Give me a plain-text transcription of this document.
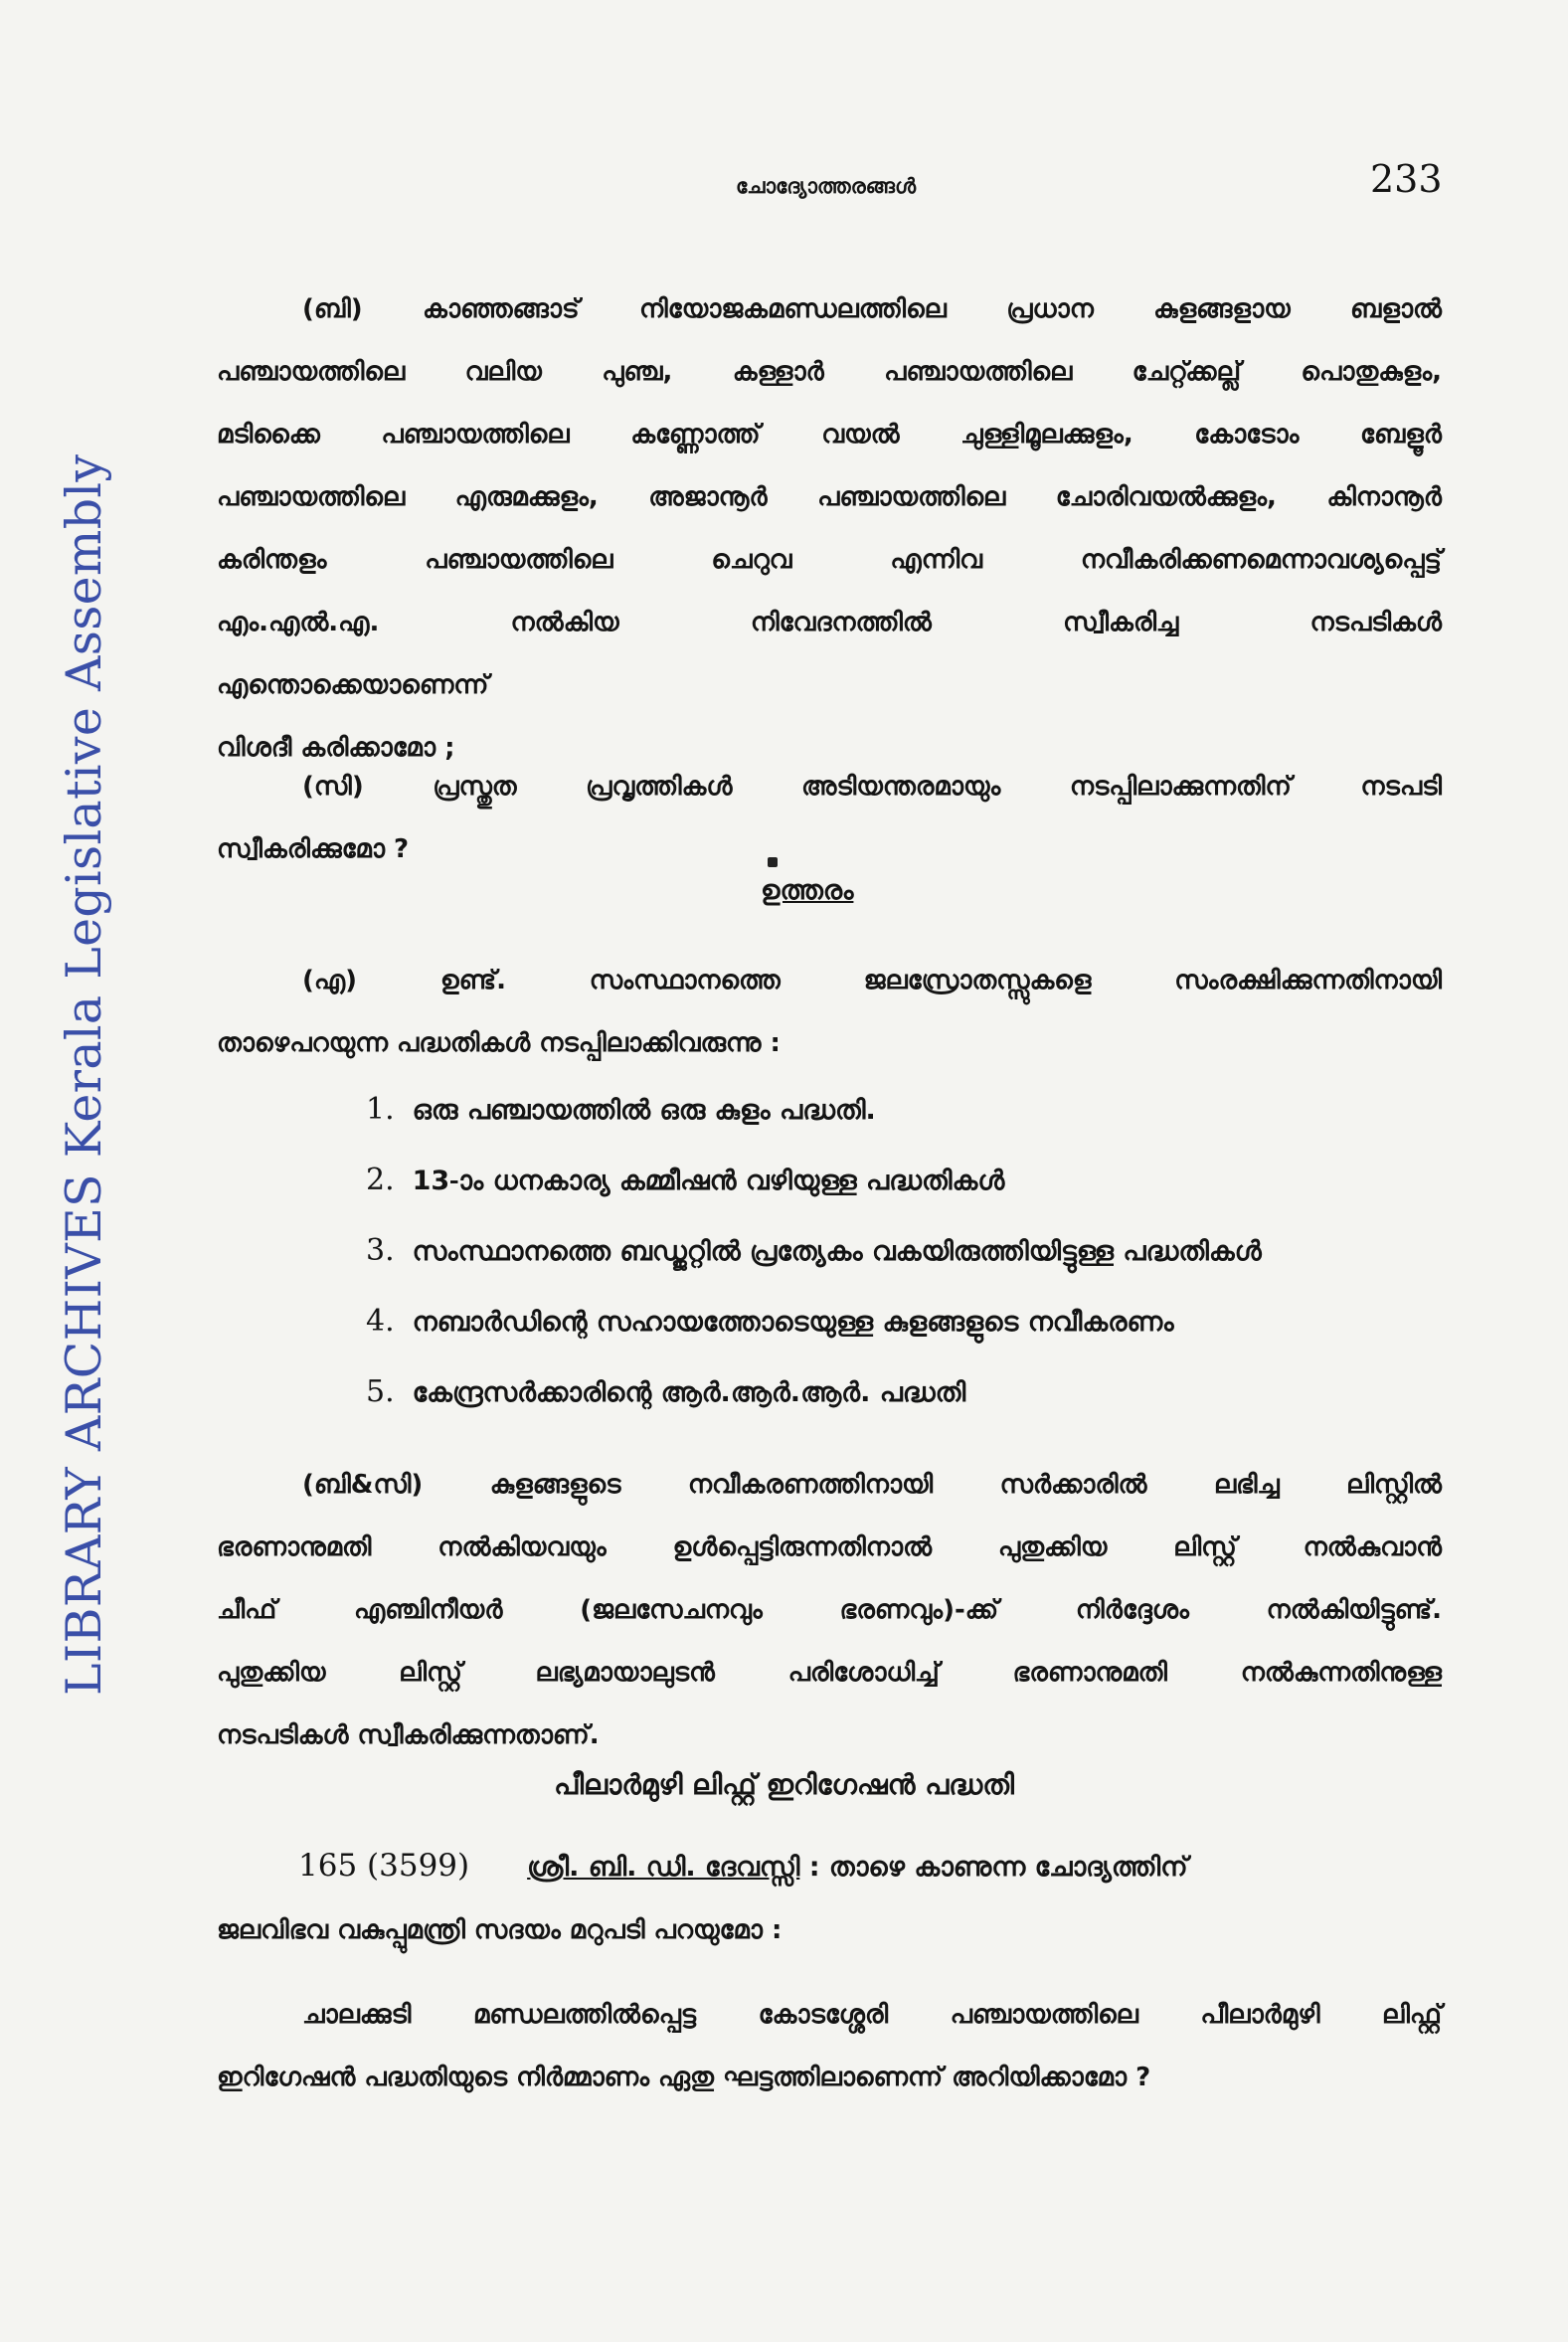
LIBRARY ARCHIVES Kerala Legislative Assembly
ചോദ്യോത്തരങ്ങൾ	233
(ബി) കാഞ്ഞങ്ങാട് നിയോജകമണ്ഡലത്തിലെ പ്രധാന കുളങ്ങളായ ബളാൽ
പഞ്ചായത്തിലെ വലിയ പുഞ്ച, കള്ളാർ പഞ്ചായത്തിലെ ചേറ്റ്ക്കല്ല് പൊതുകുളം,
മടിക്കൈ പഞ്ചായത്തിലെ കണ്ണോത്ത് വയൽ ചുള്ളിമൂലക്കുളം, കോടോം ബേളൂർ
പഞ്ചായത്തിലെ എരുമക്കുളം, അജാനൂർ പഞ്ചായത്തിലെ ചോരിവയൽക്കുളം, കിനാനൂർ
കരിന്തളം പഞ്ചായത്തിലെ ചെറുവ എന്നിവ നവീകരിക്കണമെന്നാവശ്യപ്പെട്ട്
എം.എൽ.എ. നൽകിയ നിവേദനത്തിൽ സ്വീകരിച്ച നടപടികൾ
എന്തൊക്കെയാണെന്ന്
വിശദീ കരിക്കാമോ ;
(സി) പ്രസ്തുത പ്രവൃത്തികൾ അടിയന്തരമായും നടപ്പിലാക്കുന്നതിന് നടപടി
സ്വീകരിക്കുമോ ?
ഉത്തരം
(എ) ഉണ്ട്. സംസ്ഥാനത്തെ ജലസ്രോതസ്സുകളെ സംരക്ഷിക്കുന്നതിനായി
താഴെപറയുന്ന പദ്ധതികൾ നടപ്പിലാക്കിവരുന്നു :
1. ഒരു പഞ്ചായത്തിൽ ഒരു കുളം പദ്ധതി.
2. 13-ാം ധനകാര്യ കമ്മീഷൻ വഴിയുള്ള പദ്ധതികൾ
3. സംസ്ഥാനത്തെ ബഡ്ജറ്റിൽ പ്രത്യേകം വകയിരുത്തിയിട്ടുള്ള പദ്ധതികൾ
4. നബാർഡിന്റെ സഹായത്തോടെയുള്ള കുളങ്ങളുടെ നവീകരണം
5. കേന്ദ്രസർക്കാരിന്റെ ആർ.ആർ.ആർ. പദ്ധതി
(ബി&സി) കുളങ്ങളുടെ നവീകരണത്തിനായി സർക്കാരിൽ ലഭിച്ച ലിസ്റ്റിൽ
ഭരണാനുമതി നൽകിയവയും ഉൾപ്പെട്ടിരുന്നതിനാൽ പുതുക്കിയ ലിസ്റ്റ് നൽകുവാൻ
ചീഫ് എഞ്ചിനീയർ (ജലസേചനവും ഭരണവും)-ക്ക് നിർദ്ദേശം നൽകിയിട്ടുണ്ട്.
പുതുക്കിയ ലിസ്റ്റ് ലഭ്യമായാലുടൻ പരിശോധിച്ച് ഭരണാനുമതി നൽകുന്നതിനുള്ള
നടപടികൾ സ്വീകരിക്കുന്നതാണ്.
പീലാർമുഴി ലിഫ്റ്റ് ഇറിഗേഷൻ പദ്ധതി
165 (3599) ശ്രീ. ബി. ഡി. ദേവസ്സി : താഴെ കാണുന്ന ചോദ്യത്തിന്
ജലവിഭവ വകുപ്പുമന്ത്രി സദയം മറുപടി പറയുമോ :
ചാലക്കുടി മണ്ഡലത്തിൽപ്പെട്ട കോടശ്ശേരി പഞ്ചായത്തിലെ പീലാർമുഴി ലിഫ്റ്റ്
ഇറിഗേഷൻ പദ്ധതിയുടെ നിർമ്മാണം ഏതു ഘട്ടത്തിലാണെന്ന് അറിയിക്കാമോ ?
